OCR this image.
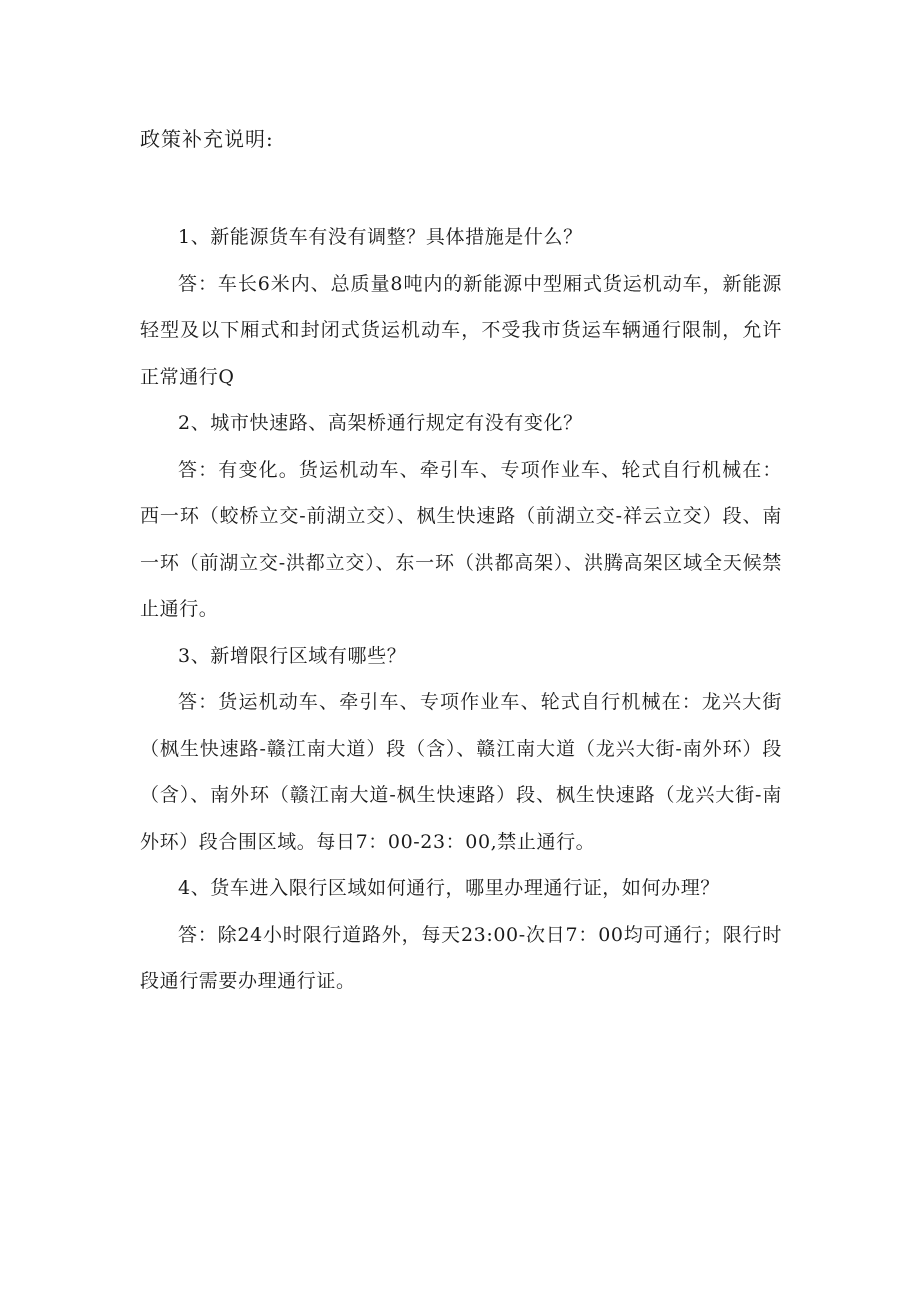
政策补充说明:

1、新能源货车有没有调整？具体措施是什么？

答：车长6米内、总质量8吨内的新能源中型厢式货运机动车，新能源轻型及以下厢式和封闭式货运机动车，不受我市货运车辆通行限制，允许正常通行Q

2、城市快速路、高架桥通行规定有没有变化？

答：有变化。货运机动车、牵引车、专项作业车、轮式自行机械在：西一环（蛟桥立交-前湖立交）、枫生快速路（前湖立交-祥云立交）段、南一环（前湖立交-洪都立交）、东一环（洪都高架）、洪腾高架区域全天候禁止通行。

3、新增限行区域有哪些？

答：货运机动车、牵引车、专项作业车、轮式自行机械在：龙兴大街（枫生快速路-赣江南大道）段（含）、赣江南大道（龙兴大街-南外环）段（含）、南外环（赣江南大道-枫生快速路）段、枫生快速路（龙兴大街-南外环）段合围区域。每日7：00-23：00,禁止通行。

4、货车进入限行区域如何通行，哪里办理通行证，如何办理？

答：除24小时限行道路外，每天23:00-次日7：00均可通行；限行时段通行需要办理通行证。
